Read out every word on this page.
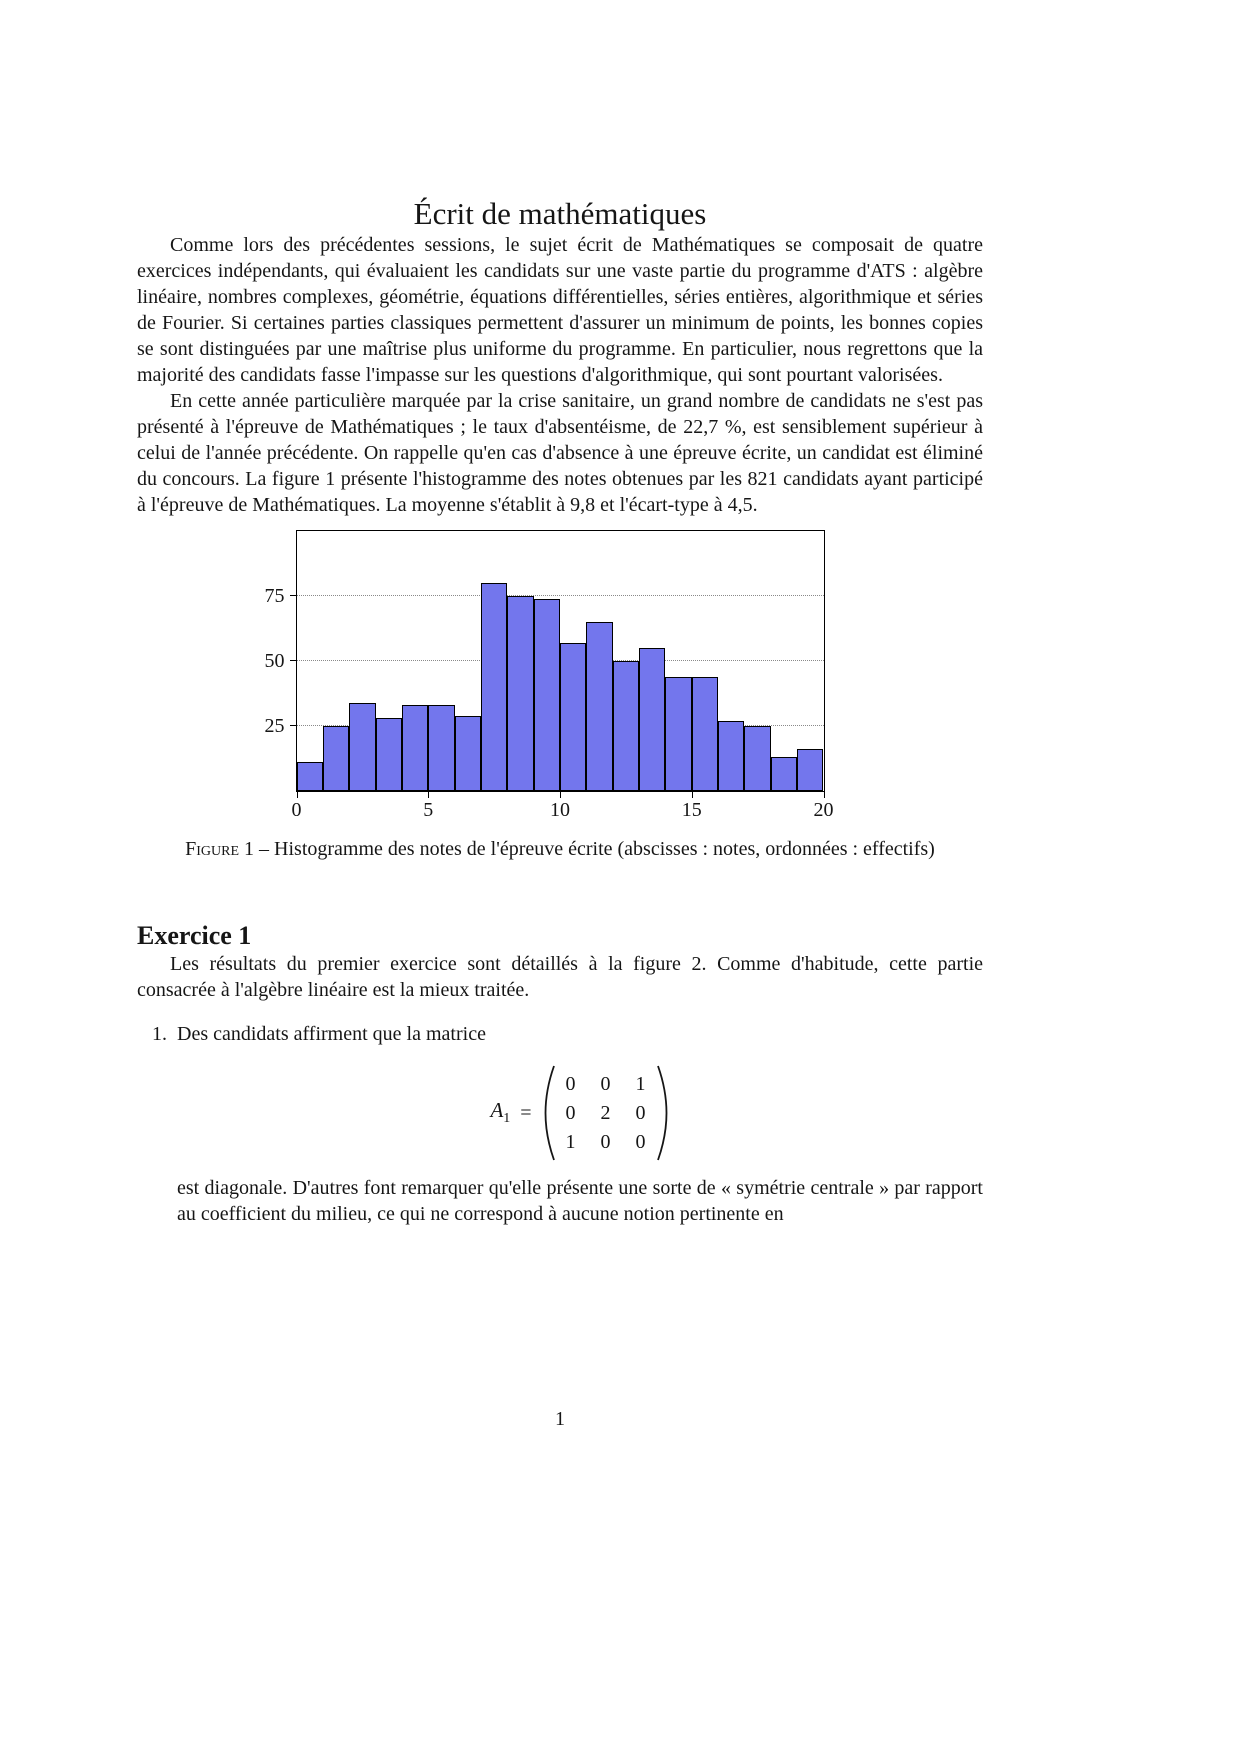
Écrit de mathématiques

Comme lors des précédentes sessions, le sujet écrit de Mathématiques se composait de quatre exercices indépendants, qui évaluaient les candidats sur une vaste partie du programme d'ATS : algèbre linéaire, nombres complexes, géométrie, équations différentielles, séries entières, algorithmique et séries de Fourier. Si certaines parties classiques permettent d'assurer un minimum de points, les bonnes copies se sont distinguées par une maîtrise plus uniforme du programme. En particulier, nous regrettons que la majorité des candidats fasse l'impasse sur les questions d'algorithmique, qui sont pourtant valorisées.

En cette année particulière marquée par la crise sanitaire, un grand nombre de candidats ne s'est pas présenté à l'épreuve de Mathématiques ; le taux d'absentéisme, de 22,7 %, est sensiblement supérieur à celui de l'année précédente. On rappelle qu'en cas d'absence à une épreuve écrite, un candidat est éliminé du concours. La figure 1 présente l'histogramme des notes obtenues par les 821 candidats ayant participé à l'épreuve de Mathématiques. La moyenne s'établit à 9,8 et l'écart-type à 4,5.

25
50
75
0	5	10	15	20
Figure 1 – Histogramme des notes de l'épreuve écrite (abscisses : notes, ordonnées : effectifs)
Exercice 1

Les résultats du premier exercice sont détaillés à la figure 2. Comme d'habitude, cette partie consacrée à l'algèbre linéaire est la mieux traitée.

1. Des candidats affirment que la matrice

$A_1$ =
0 0 1
0 2 0
1 0 0

est diagonale. D'autres font remarquer qu'elle présente une sorte de « symétrie centrale » par rapport au coefficient du milieu, ce qui ne correspond à aucune notion pertinente en

1
